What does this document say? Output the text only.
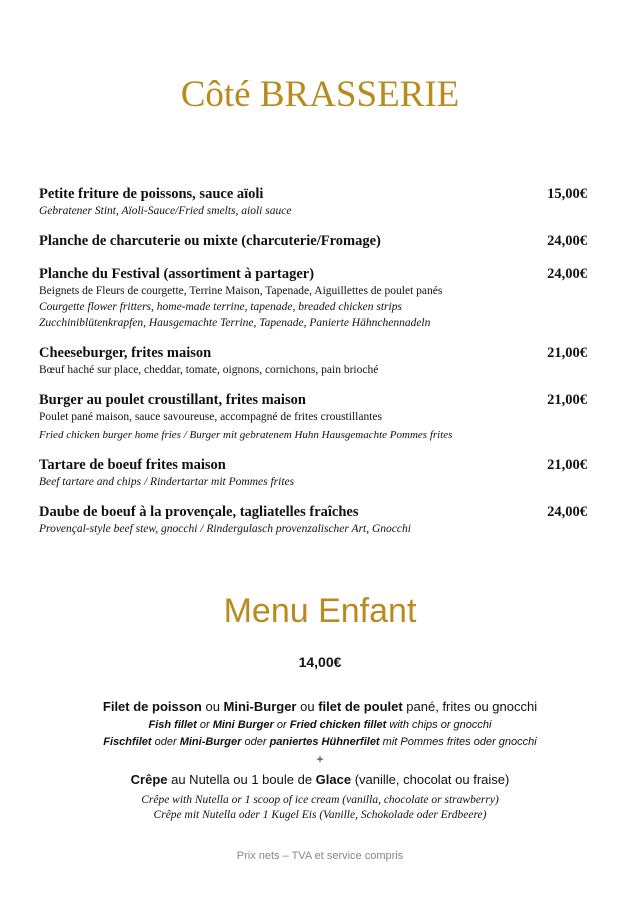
Côté BRASSERIE
Petite friture de poissons, sauce aïoli	15,00€
Gebratener Stint, Aïoli-Sauce/Fried smelts, aioli sauce
Planche de charcuterie ou mixte (charcuterie/Fromage)	24,00€
Planche du Festival (assortiment à partager)	24,00€
Beignets de Fleurs de courgette, Terrine Maison, Tapenade, Aiguillettes de poulet panés
Courgette flower fritters, home-made terrine, tapenade, breaded chicken strips
Zucchiniblütenkrapfen, Hausgemachte Terrine, Tapenade, Panierte Hähnchennadeln
Cheeseburger, frites maison	21,00€
Bœuf haché sur place, cheddar, tomate, oignons, cornichons, pain brioché
Burger au poulet croustillant, frites maison	21,00€
Poulet pané maison, sauce savoureuse, accompagné de frites croustillantes
Fried chicken burger home fries / Burger mit gebratenem Huhn Hausgemachte Pommes frites
Tartare de boeuf frites maison	21,00€
Beef tartare and chips / Rindertartar mit Pommes frites
Daube de boeuf à la provençale, tagliatelles fraîches	24,00€
Provençal-style beef stew, gnocchi / Rindergulasch provenzalischer Art, Gnocchi
Menu Enfant
14,00€
Filet de poisson ou Mini-Burger ou filet de poulet pané, frites ou gnocchi
Fish fillet or Mini Burger or Fried chicken fillet with chips or gnocchi
Fischfilet oder Mini-Burger oder paniertes Hühnerfilet mit Pommes frites oder gnocchi
+
Crêpe au Nutella ou 1 boule de Glace (vanille, chocolat ou fraise)
Crêpe with Nutella or 1 scoop of ice cream (vanilla, chocolate or strawberry)
Crêpe mit Nutella oder 1 Kugel Eis (Vanille, Schokolade oder Erdbeere)
Prix nets – TVA et service compris
